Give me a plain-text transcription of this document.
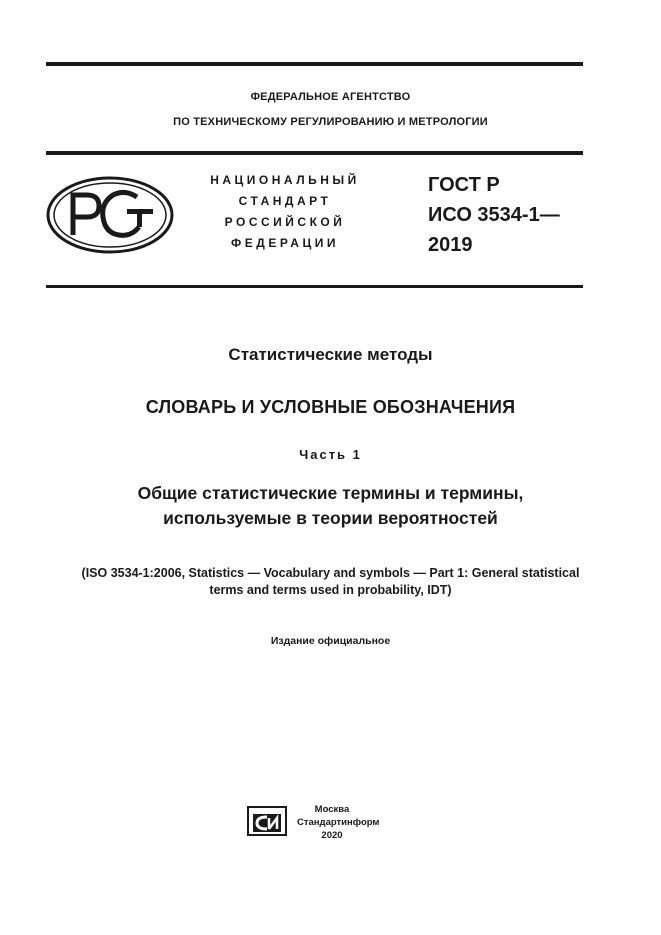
ФЕДЕРАЛЬНОЕ АГЕНТСТВО
ПО ТЕХНИЧЕСКОМУ РЕГУЛИРОВАНИЮ И МЕТРОЛОГИИ
НАЦИОНАЛЬНЫЙ
СТАНДАРТ
РОССИЙСКОЙ
ФЕДЕРАЦИИ
ГОСТ Р
ИСО 3534-1—
2019
Статистические методы
СЛОВАРЬ И УСЛОВНЫЕ ОБОЗНАЧЕНИЯ
Часть 1
Общие статистические термины и термины,
используемые в теории вероятностей
(ISO 3534-1:2006, Statistics — Vocabulary and symbols — Part 1: General statistical
terms and terms used in probability, IDT)
Издание официальное
Москва
Стандартинформ
2020
